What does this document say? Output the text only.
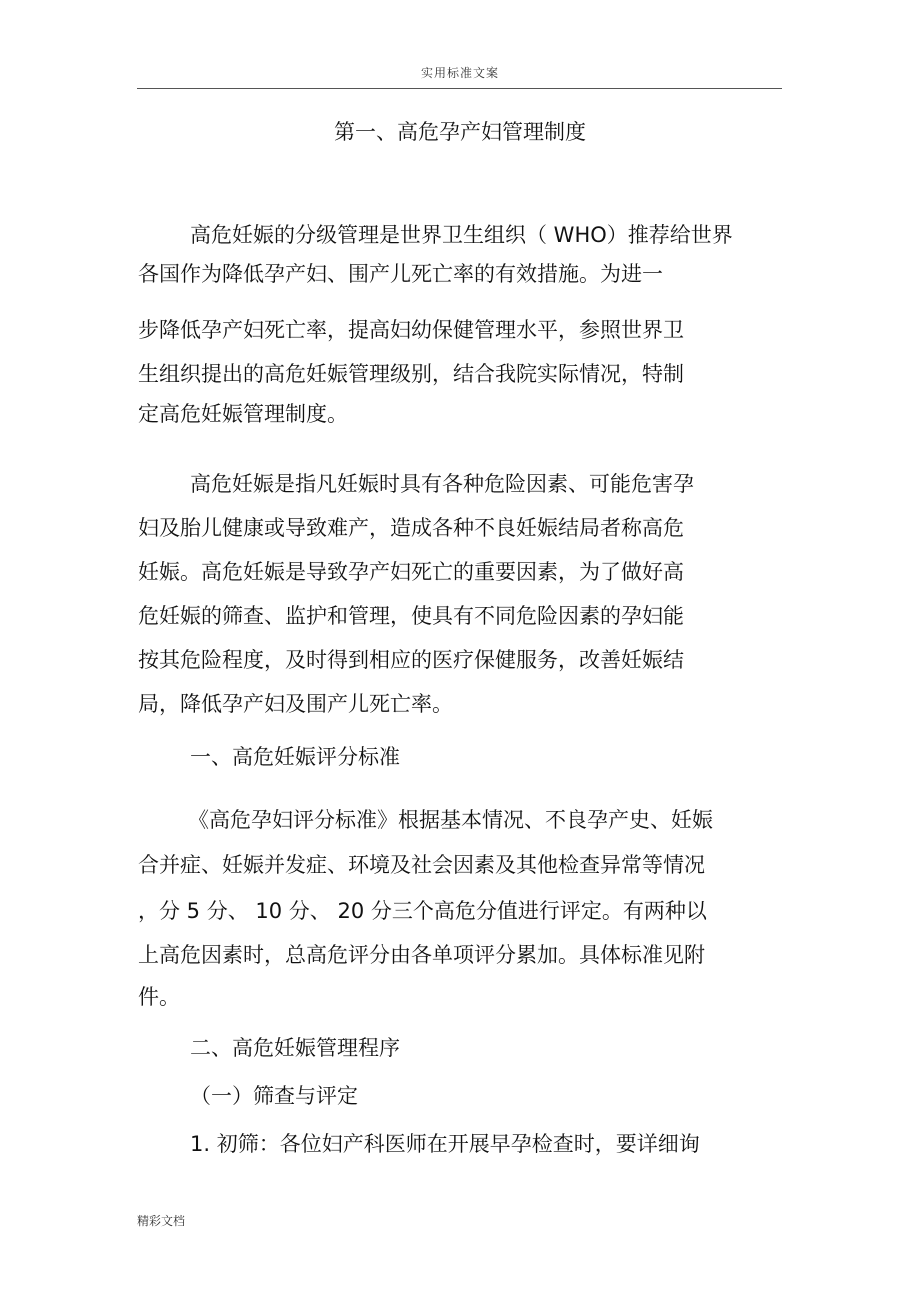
实用标准文案
第一、高危孕产妇管理制度
高危妊娠的分级管理是世界卫生组织（ WHO）推荐给世界
各国作为降低孕产妇、围产儿死亡率的有效措施。为进一
步降低孕产妇死亡率，提高妇幼保健管理水平，参照世界卫
生组织提出的高危妊娠管理级别，结合我院实际情况，特制
定高危妊娠管理制度。
高危妊娠是指凡妊娠时具有各种危险因素、可能危害孕
妇及胎儿健康或导致难产，造成各种不良妊娠结局者称高危
妊娠。高危妊娠是导致孕产妇死亡的重要因素，为了做好高
危妊娠的筛查、监护和管理，使具有不同危险因素的孕妇能
按其危险程度，及时得到相应的医疗保健服务，改善妊娠结
局，降低孕产妇及围产儿死亡率。
一、高危妊娠评分标准
《高危孕妇评分标准》根据基本情况、不良孕产史、妊娠
合并症、妊娠并发症、环境及社会因素及其他检查异常等情况
，分 5 分、 10 分、 20 分三个高危分值进行评定。有两种以
上高危因素时，总高危评分由各单项评分累加。具体标准见附
件。
二、高危妊娠管理程序
（一）筛查与评定
1. 初筛：各位妇产科医师在开展早孕检查时，要详细询
精彩文档
